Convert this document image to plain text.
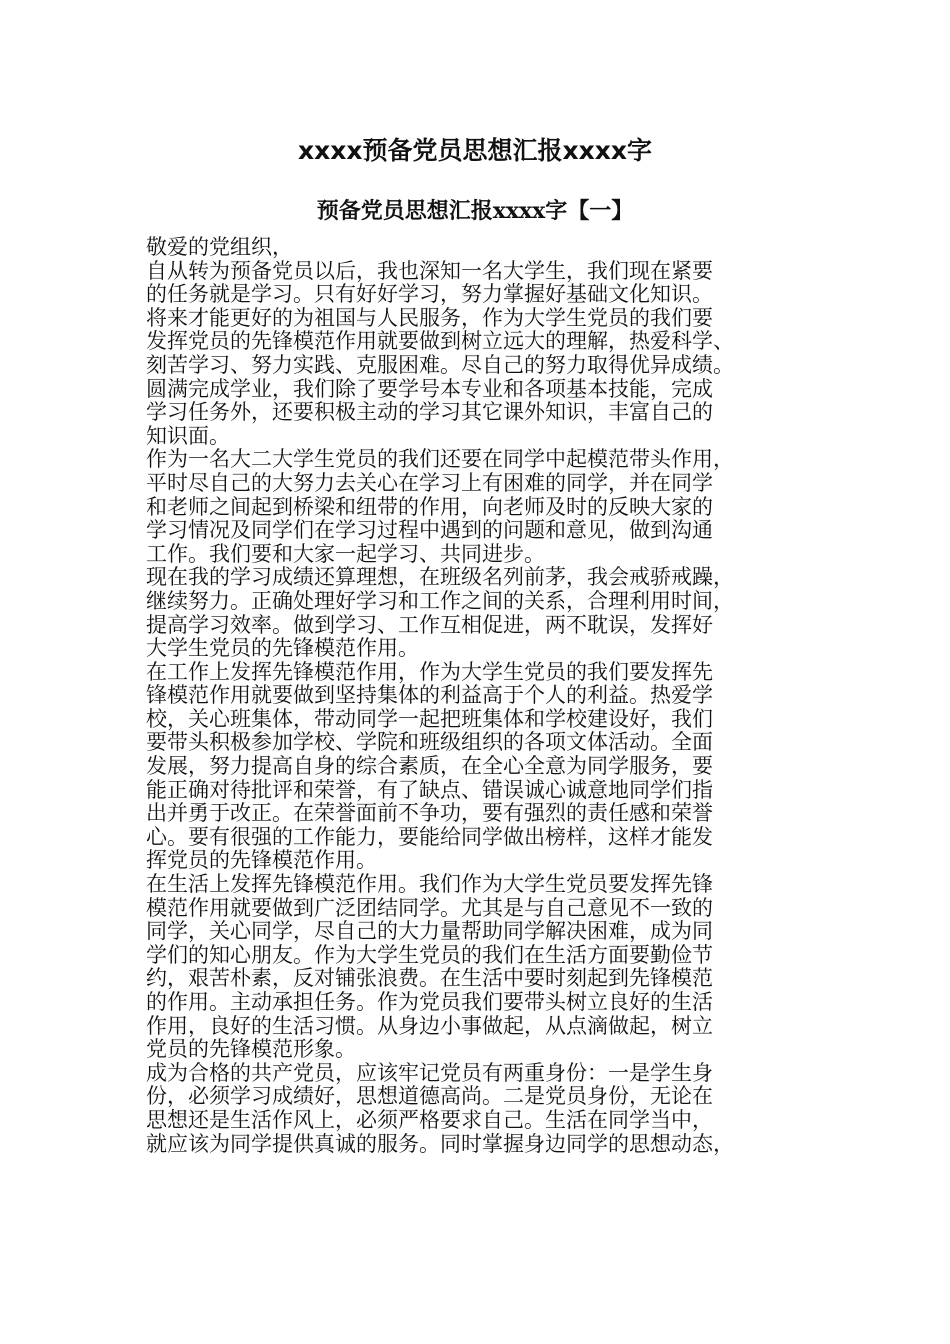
xxxx预备党员思想汇报xxxx字
预备党员思想汇报xxxx字【一】

敬爱的党组织，

自从转为预备党员以后，我也深知一名大学生，我们现在紧要
的任务就是学习。只有好好学习，努力掌握好基础文化知识。
将来才能更好的为祖国与人民服务，作为大学生党员的我们要
发挥党员的先锋模范作用就要做到树立远大的理解，热爱科学、
刻苦学习、努力实践、克服困难。尽自己的努力取得优异成绩。
圆满完成学业，我们除了要学号本专业和各项基本技能，完成
学习任务外，还要积极主动的学习其它课外知识，丰富自己的
知识面。

作为一名大二大学生党员的我们还要在同学中起模范带头作用，
平时尽自己的大努力去关心在学习上有困难的同学，并在同学
和老师之间起到桥梁和纽带的作用，向老师及时的反映大家的
学习情况及同学们在学习过程中遇到的问题和意见，做到沟通
工作。我们要和大家一起学习、共同进步。

现在我的学习成绩还算理想，在班级名列前茅，我会戒骄戒躁，
继续努力。正确处理好学习和工作之间的关系，合理利用时间，
提高学习效率。做到学习、工作互相促进，两不耽误，发挥好
大学生党员的先锋模范作用。

在工作上发挥先锋模范作用，作为大学生党员的我们要发挥先
锋模范作用就要做到坚持集体的利益高于个人的利益。热爱学
校，关心班集体，带动同学一起把班集体和学校建设好，我们
要带头积极参加学校、学院和班级组织的各项文体活动。全面
发展，努力提高自身的综合素质，在全心全意为同学服务，要
能正确对待批评和荣誉，有了缺点、错误诚心诚意地同学们指
出并勇于改正。在荣誉面前不争功，要有强烈的责任感和荣誉
心。要有很强的工作能力，要能给同学做出榜样，这样才能发
挥党员的先锋模范作用。

在生活上发挥先锋模范作用。我们作为大学生党员要发挥先锋
模范作用就要做到广泛团结同学。尤其是与自己意见不一致的
同学，关心同学，尽自己的大力量帮助同学解决困难，成为同
学们的知心朋友。作为大学生党员的我们在生活方面要勤俭节
约，艰苦朴素，反对铺张浪费。在生活中要时刻起到先锋模范
的作用。主动承担任务。作为党员我们要带头树立良好的生活
作用，良好的生活习惯。从身边小事做起，从点滴做起，树立
党员的先锋模范形象。

成为合格的共产党员，应该牢记党员有两重身份：一是学生身
份，必须学习成绩好，思想道德高尚。二是党员身份，无论在
思想还是生活作风上，必须严格要求自己。生活在同学当中，
就应该为同学提供真诚的服务。同时掌握身边同学的思想动态，
